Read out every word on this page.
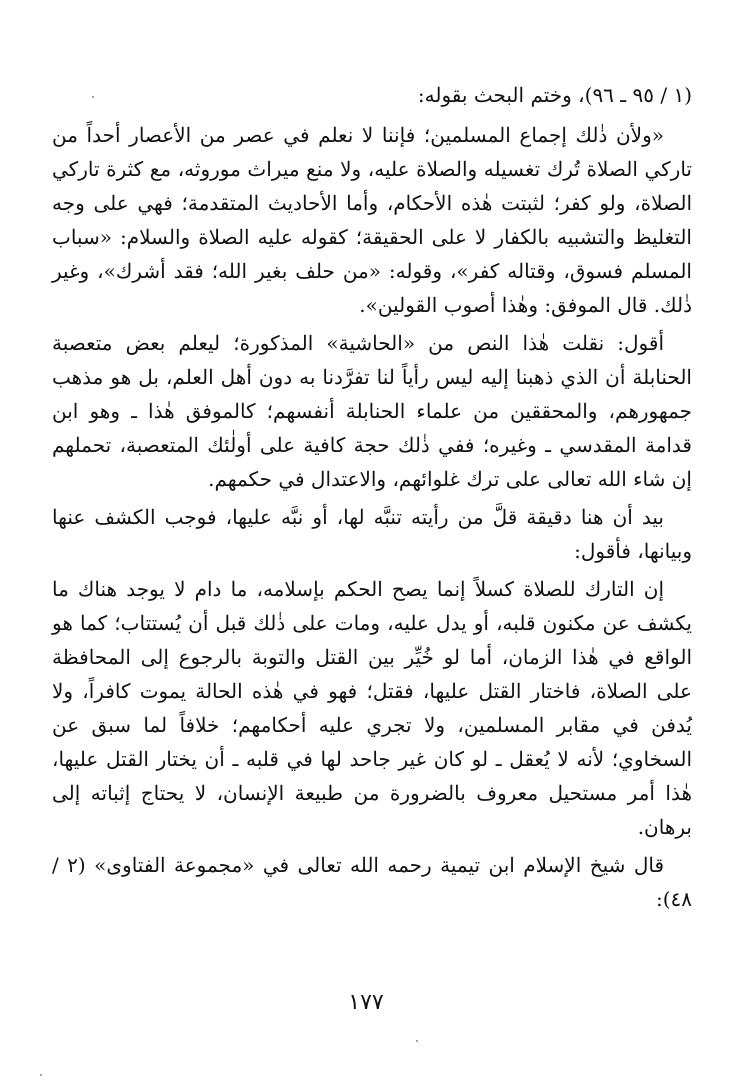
(١ / ٩٥ ـ ٩٦)، وختم البحث بقوله:

«ولأن ذٰلك إجماع المسلمين؛ فإننا لا نعلم في عصر من الأعصار أحداً من تاركي الصلاة تُرك تغسيله والصلاة عليه، ولا منع ميراث موروثه، مع كثرة تاركي الصلاة، ولو كفر؛ لثبتت هٰذه الأحكام، وأما الأحاديث المتقدمة؛ فهي على وجه التغليظ والتشبيه بالكفار لا على الحقيقة؛ كقوله عليه الصلاة والسلام: «سباب المسلم فسوق، وقتاله كفر»، وقوله: «من حلف بغير الله؛ فقد أشرك»، وغير ذٰلك. قال الموفق: وهٰذا أصوب القولين».

أقول: نقلت هٰذا النص من «الحاشية» المذكورة؛ ليعلم بعض متعصبة الحنابلة أن الذي ذهبنا إليه ليس رأياً لنا تفرَّدنا به دون أهل العلم، بل هو مذهب جمهورهم، والمحققين من علماء الحنابلة أنفسهم؛ كالموفق هٰذا ـ وهو ابن قدامة المقدسي ـ وغيره؛ ففي ذٰلك حجة كافية على أولٰئك المتعصبة، تحملهم إن شاء الله تعالى على ترك غلوائهم، والاعتدال في حكمهم.

بيد أن هنا دقيقة قلَّ من رأيته تنبَّه لها، أو نبَّه عليها، فوجب الكشف عنها وبيانها، فأقول:

إن التارك للصلاة كسلاً إنما يصح الحكم بإسلامه، ما دام لا يوجد هناك ما يكشف عن مكنون قلبه، أو يدل عليه، ومات على ذٰلك قبل أن يُستتاب؛ كما هو الواقع في هٰذا الزمان، أما لو خُيِّر بين القتل والتوبة بالرجوع إلى المحافظة على الصلاة، فاختار القتل عليها، فقتل؛ فهو في هٰذه الحالة يموت كافراً، ولا يُدفن في مقابر المسلمين، ولا تجري عليه أحكامهم؛ خلافاً لما سبق عن السخاوي؛ لأنه لا يُعقل ـ لو كان غير جاحد لها في قلبه ـ أن يختار القتل عليها، هٰذا أمر مستحيل معروف بالضرورة من طبيعة الإنسان، لا يحتاج إثباته إلى برهان.

قال شيخ الإسلام ابن تيمية رحمه الله تعالى في «مجموعة الفتاوى» (٢ / ٤٨):

١٧٧
